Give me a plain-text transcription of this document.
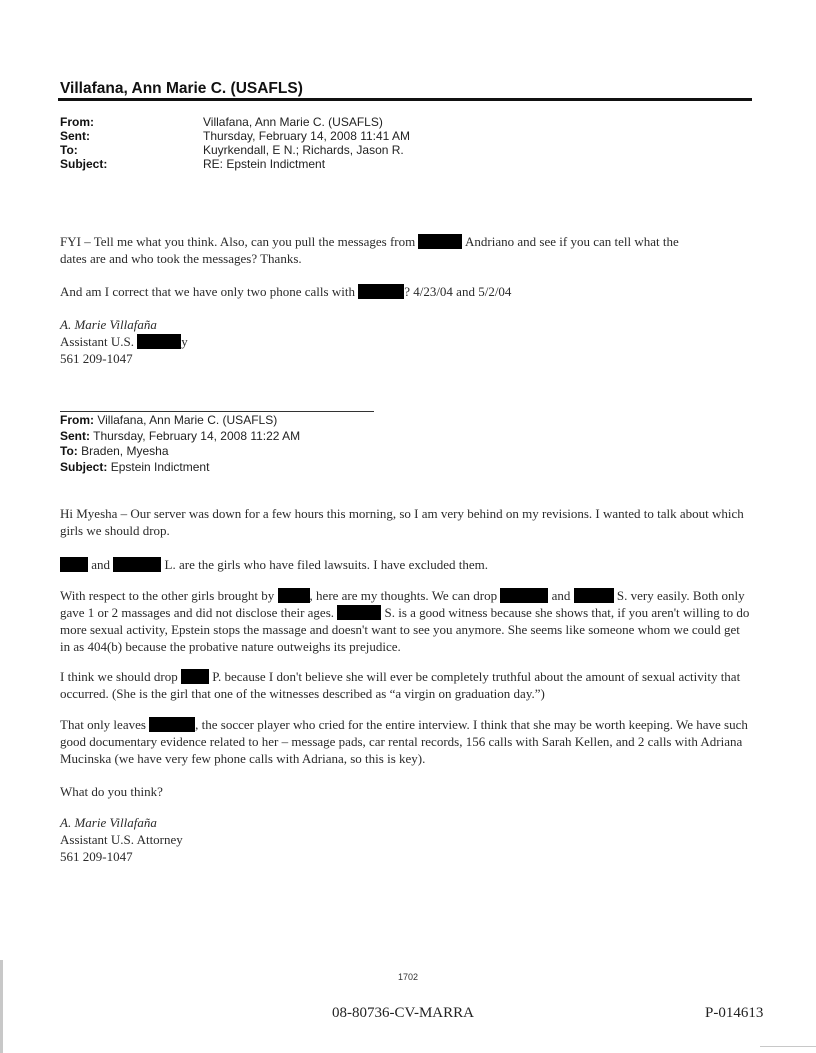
Villafana, Ann Marie C. (USAFLS)
From:	Villafana, Ann Marie C. (USAFLS)
Sent:	Thursday, February 14, 2008 11:41 AM
To:	Kuyrkendall, E N.; Richards, Jason R.
Subject:	RE: Epstein Indictment
FYI – Tell me what you think. Also, can you pull the messages from	Andriano and see if you can tell what the
dates are and who took the messages? Thanks.
And am I correct that we have only two phone calls with	? 4/23/04 and 5/2/04
A. Marie Villafaña
Assistant U.S.	y
561 209-1047
From: Villafana, Ann Marie C. (USAFLS)
Sent: Thursday, February 14, 2008 11:22 AM
To: Braden, Myesha
Subject: Epstein Indictment
Hi Myesha – Our server was down for a few hours this morning, so I am very behind on my revisions. I wanted to talk about which girls we should drop.
and	L. are the girls who have filed lawsuits. I have excluded them.
With respect to the other girls brought by	, here are my thoughts. We can drop	and	S. very easily. Both only gave 1 or 2 massages and did not disclose their ages.	S. is a good witness because she shows that, if you aren't willing to do more sexual activity, Epstein stops the massage and doesn't want to see you anymore. She seems like someone whom we could get in as 404(b) because the probative nature outweighs its prejudice.
I think we should drop	P. because I don't believe she will ever be completely truthful about the amount of sexual activity that occurred. (She is the girl that one of the witnesses described as “a virgin on graduation day.”)
That only leaves	, the soccer player who cried for the entire interview. I think that she may be worth keeping. We have such good documentary evidence related to her – message pads, car rental records, 156 calls with Sarah Kellen, and 2 calls with Adriana Mucinska (we have very few phone calls with Adriana, so this is key).
What do you think?
A. Marie Villafaña
Assistant U.S. Attorney
561 209-1047
1702
08-80736-CV-MARRA	P-014613
